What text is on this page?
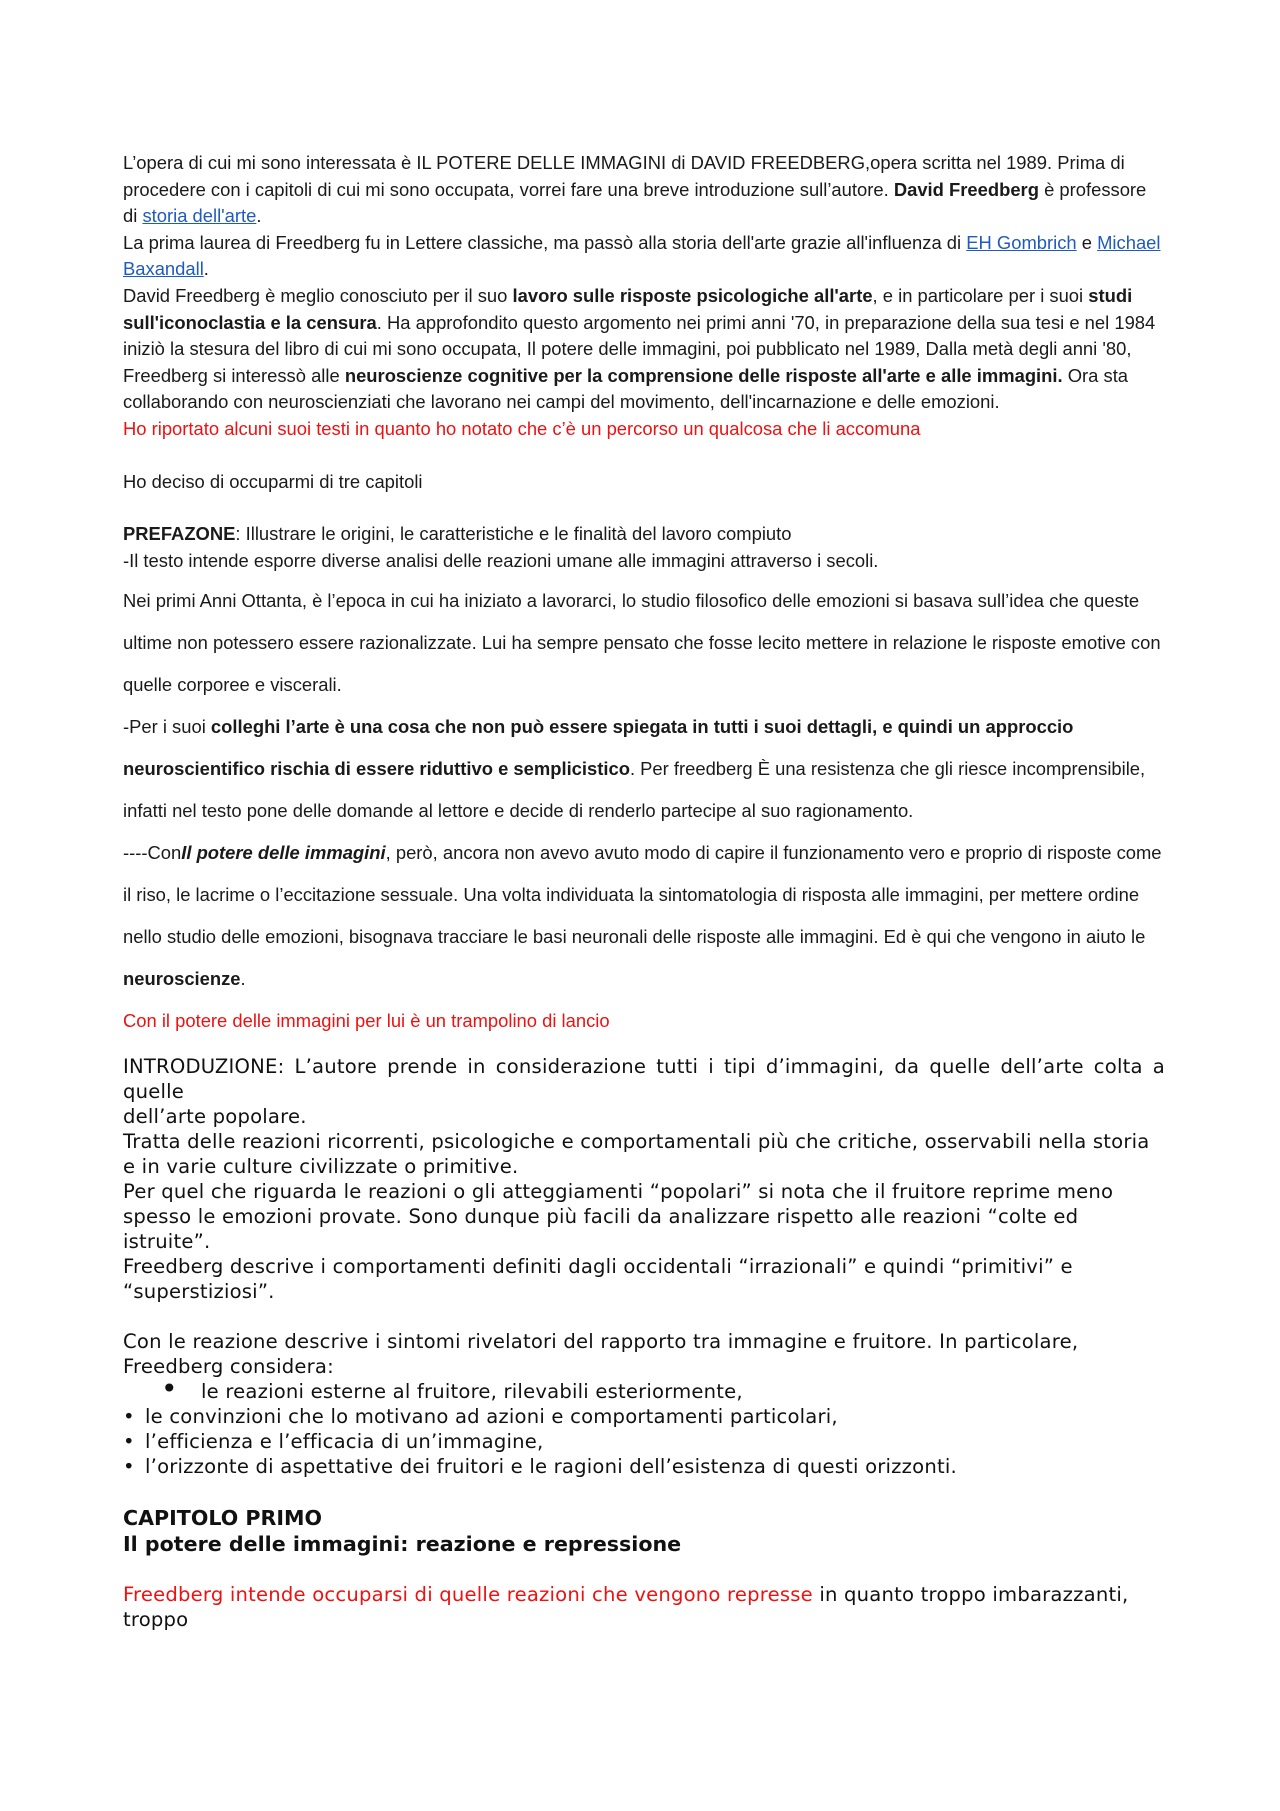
L’opera di cui mi sono interessata è IL POTERE DELLE IMMAGINI di DAVID FREEDBERG,opera scritta nel 1989. Prima di procedere con i capitoli di cui mi sono occupata, vorrei fare una breve introduzione sull’autore. David Freedberg è professore di storia dell'arte.

La prima laurea di Freedberg fu in Lettere classiche, ma passò alla storia dell'arte grazie all'influenza di EH Gombrich e Michael Baxandall.

David Freedberg è meglio conosciuto per il suo lavoro sulle risposte psicologiche all'arte, e in particolare per i suoi studi sull'iconoclastia e la censura. Ha approfondito questo argomento nei primi anni '70, in preparazione della sua tesi e nel 1984 iniziò la stesura del libro di cui mi sono occupata, Il potere delle immagini, poi pubblicato nel 1989, Dalla metà degli anni '80, Freedberg si interessò alle neuroscienze cognitive per la comprensione delle risposte all'arte e alle immagini. Ora sta collaborando con neuroscienziati che lavorano nei campi del movimento, dell'incarnazione e delle emozioni.

Ho riportato alcuni suoi testi in quanto ho notato che c’è un percorso un qualcosa che li accomuna

Ho deciso di occuparmi di tre capitoli

PREFAZONE: Illustrare le origini, le caratteristiche e le finalità del lavoro compiuto

-Il testo intende esporre diverse analisi delle reazioni umane alle immagini attraverso i secoli.

Nei primi Anni Ottanta, è l’epoca in cui ha iniziato a lavorarci, lo studio filosofico delle emozioni si basava sull’idea che queste ultime non potessero essere razionalizzate. Lui ha sempre pensato che fosse lecito mettere in relazione le risposte emotive con quelle corporee e viscerali.

-Per i suoi colleghi l’arte è una cosa che non può essere spiegata in tutti i suoi dettagli, e quindi un approccio neuroscientifico rischia di essere riduttivo e semplicistico. Per freedberg È una resistenza che gli riesce incomprensibile, infatti nel testo pone delle domande al lettore e decide di renderlo partecipe al suo ragionamento.

----ConIl potere delle immagini, però, ancora non avevo avuto modo di capire il funzionamento vero e proprio di risposte come il riso, le lacrime o l’eccitazione sessuale. Una volta individuata la sintomatologia di risposta alle immagini, per mettere ordine nello studio delle emozioni, bisognava tracciare le basi neuronali delle risposte alle immagini. Ed è qui che vengono in aiuto le neuroscienze.

Con il potere delle immagini per lui è un trampolino di lancio

INTRODUZIONE: L’autore prende in considerazione tutti i tipi d’immagini, da quelle dell’arte colta a quelle

dell’arte popolare.

Tratta delle reazioni ricorrenti, psicologiche e comportamentali più che critiche, osservabili nella storia e in varie culture civilizzate o primitive.

Per quel che riguarda le reazioni o gli atteggiamenti “popolari” si nota che il fruitore reprime meno spesso le emozioni provate. Sono dunque più facili da analizzare rispetto alle reazioni “colte ed istruite”.

Freedberg descrive i comportamenti definiti dagli occidentali “irrazionali” e quindi “primitivi” e “superstiziosi”.

Con le reazione descrive i sintomi rivelatori del rapporto tra immagine e fruitore. In particolare, Freedberg considera:

•	le reazioni esterne al fruitore, rilevabili esteriormente,
• le convinzioni che lo motivano ad azioni e comportamenti particolari,
• l’efficienza e l’efficacia di un’immagine,
• l’orizzonte di aspettative dei fruitori e le ragioni dell’esistenza di questi orizzonti.
CAPITOLO PRIMO
Il potere delle immagini: reazione e repressione

Freedberg intende occuparsi di quelle reazioni che vengono represse in quanto troppo imbarazzanti, troppo
